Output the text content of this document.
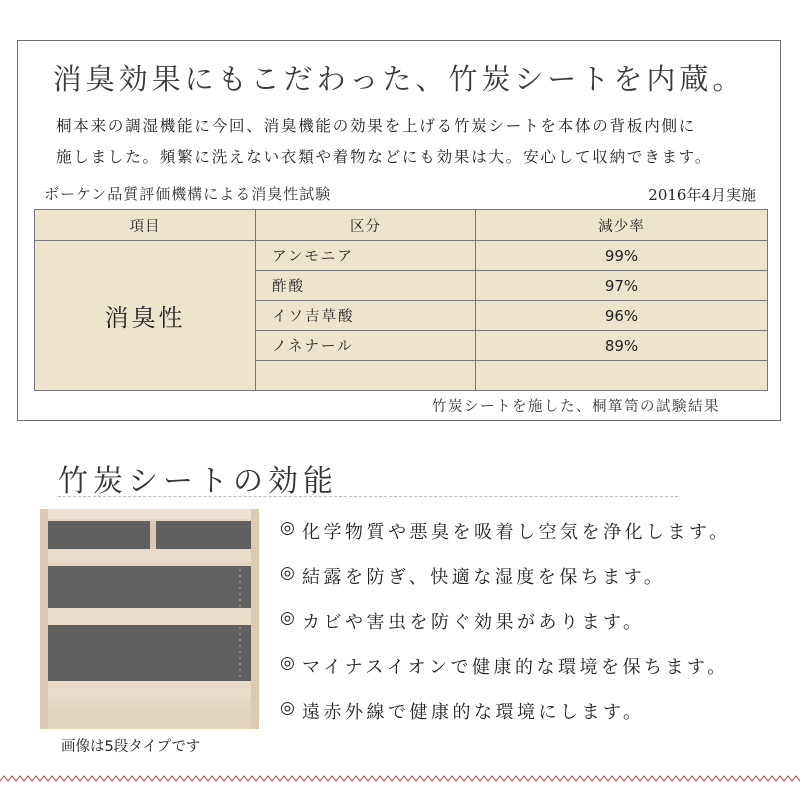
消臭効果にもこだわった、竹炭シートを内蔵。

桐本来の調湿機能に今回、消臭機能の効果を上げる竹炭シートを本体の背板内側に

施しました。頻繁に洗えない衣類や着物などにも効果は大。安心して収納できます。

ボーケン品質評価機構による消臭性試験	2016年4月実施
項目	区分	減少率
消臭性	アンモニア	99%
	酢酸	97%
	イソ吉草酸	96%
	ノネナール	89%

竹炭シートを施した、桐箪笥の試験結果
竹炭シートの効能
画像は5段タイプです
◎ 化学物質や悪臭を吸着し空気を浄化します。
◎ 結露を防ぎ、快適な湿度を保ちます。
◎ カビや害虫を防ぐ効果があります。
◎ マイナスイオンで健康的な環境を保ちます。
◎ 遠赤外線で健康的な環境にします。
